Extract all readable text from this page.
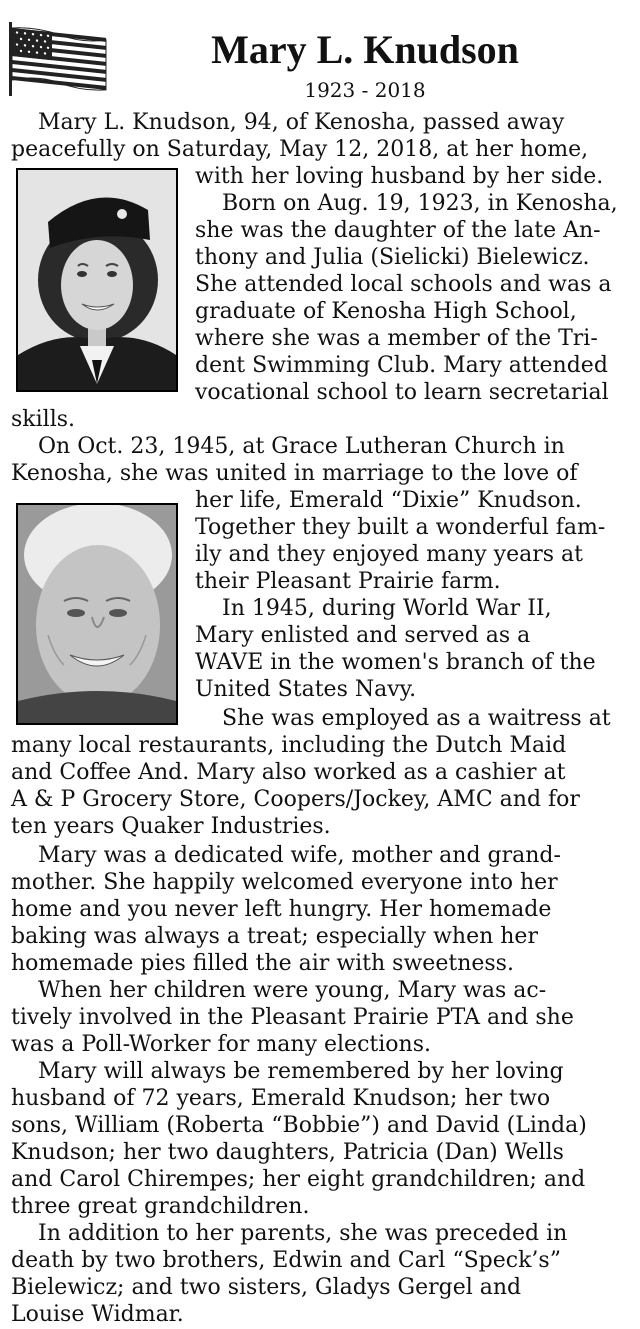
Mary L. Knudson
1923 - 2018
Mary L. Knudson, 94, of Kenosha, passed away
peacefully on Saturday, May 12, 2018, at her home,
with her loving husband by her side.
Born on Aug. 19, 1923, in Kenosha,
she was the daughter of the late An-
thony and Julia (Sielicki) Bielewicz.
She attended local schools and was a
graduate of Kenosha High School,
where she was a member of the Tri-
dent Swimming Club. Mary attended
vocational school to learn secretarial
skills.
On Oct. 23, 1945, at Grace Lutheran Church in
Kenosha, she was united in marriage to the love of
her life, Emerald “Dixie” Knudson.
Together they built a wonderful fam-
ily and they enjoyed many years at
their Pleasant Prairie farm.
In 1945, during World War II,
Mary enlisted and served as a
WAVE in the women's branch of the
United States Navy.
She was employed as a waitress at
many local restaurants, including the Dutch Maid
and Coffee And. Mary also worked as a cashier at
A & P Grocery Store, Coopers/Jockey, AMC and for
ten years Quaker Industries.
Mary was a dedicated wife, mother and grand-
mother. She happily welcomed everyone into her
home and you never left hungry. Her homemade
baking was always a treat; especially when her
homemade pies filled the air with sweetness.
When her children were young, Mary was ac-
tively involved in the Pleasant Prairie PTA and she
was a Poll-Worker for many elections.
Mary will always be remembered by her loving
husband of 72 years, Emerald Knudson; her two
sons, William (Roberta “Bobbie”) and David (Linda)
Knudson; her two daughters, Patricia (Dan) Wells
and Carol Chirempes; her eight grandchildren; and
three great grandchildren.
In addition to her parents, she was preceded in
death by two brothers, Edwin and Carl “Speck’s”
Bielewicz; and two sisters, Gladys Gergel and
Louise Widmar.
